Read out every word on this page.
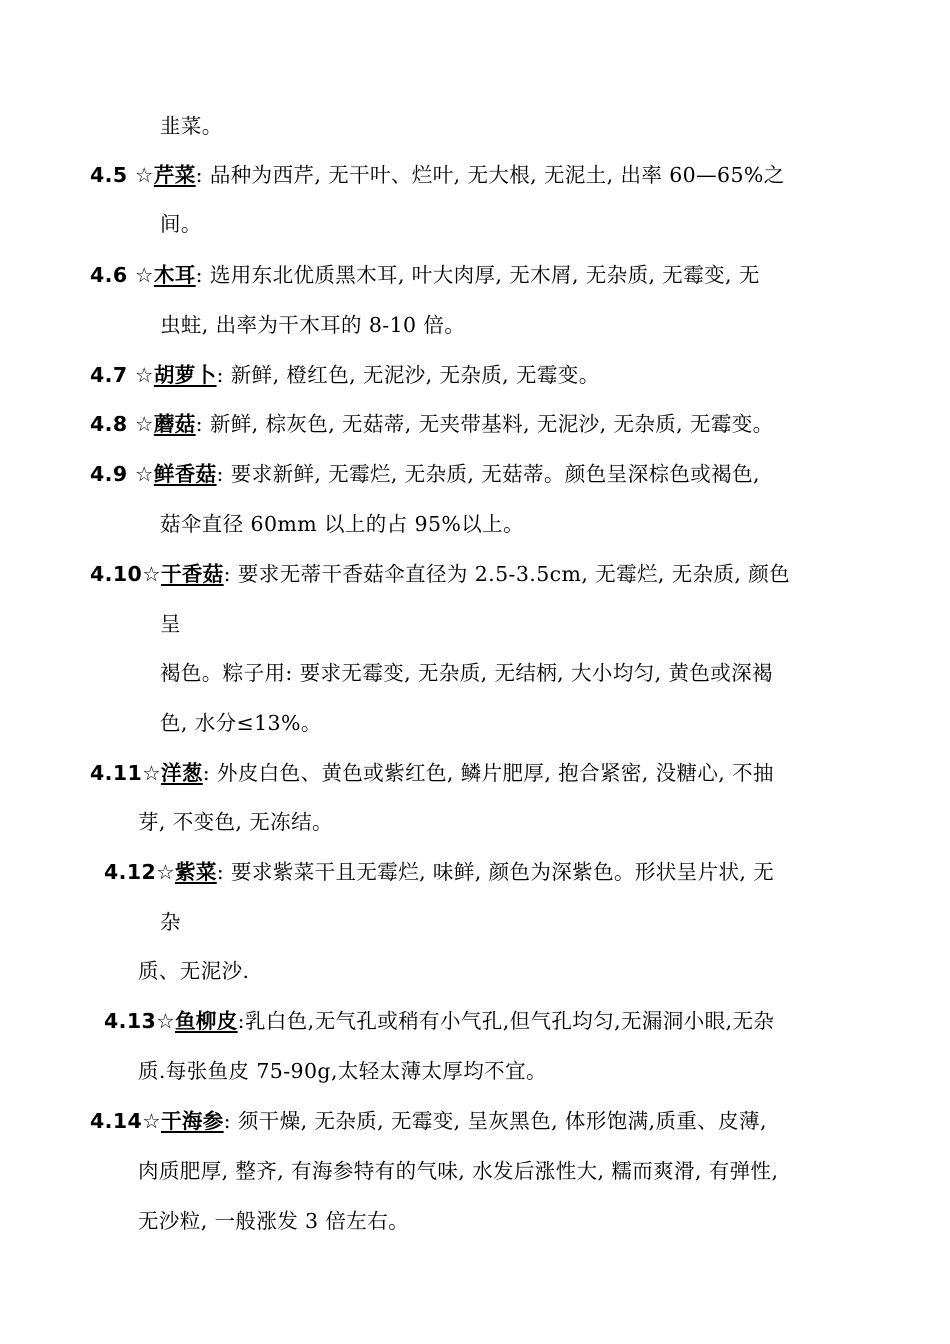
韭菜。
4.5 ☆芹菜: 品种为西芹, 无干叶、烂叶, 无大根, 无泥土, 出率 60—65%之
间。
4.6 ☆木耳: 选用东北优质黑木耳, 叶大肉厚, 无木屑, 无杂质, 无霉变, 无
虫蛀, 出率为干木耳的 8-10 倍。
4.7 ☆胡萝卜: 新鲜, 橙红色, 无泥沙, 无杂质, 无霉变。
4.8 ☆蘑菇: 新鲜, 棕灰色, 无菇蒂, 无夹带基料, 无泥沙, 无杂质, 无霉变。
4.9 ☆鲜香菇: 要求新鲜, 无霉烂, 无杂质, 无菇蒂。颜色呈深棕色或褐色,
菇伞直径 60mm 以上的占 95%以上。
4.10☆干香菇: 要求无蒂干香菇伞直径为 2.5-3.5cm, 无霉烂, 无杂质, 颜色
呈
褐色。粽子用: 要求无霉变, 无杂质, 无结柄, 大小均匀, 黄色或深褐
色, 水分≤13%。
4.11☆洋葱: 外皮白色、黄色或紫红色, 鳞片肥厚, 抱合紧密, 没糖心, 不抽
芽, 不变色, 无冻结。
4.12☆紫菜: 要求紫菜干且无霉烂, 味鲜, 颜色为深紫色。形状呈片状, 无
杂
质、无泥沙.
4.13☆鱼柳皮:乳白色,无气孔或稍有小气孔,但气孔均匀,无漏洞小眼,无杂
质.每张鱼皮 75-90g,太轻太薄太厚均不宜。
4.14☆干海参: 须干燥, 无杂质, 无霉变, 呈灰黑色, 体形饱满,质重、皮薄,
肉质肥厚, 整齐, 有海参特有的气味, 水发后涨性大, 糯而爽滑, 有弹性,
无沙粒, 一般涨发 3 倍左右。
